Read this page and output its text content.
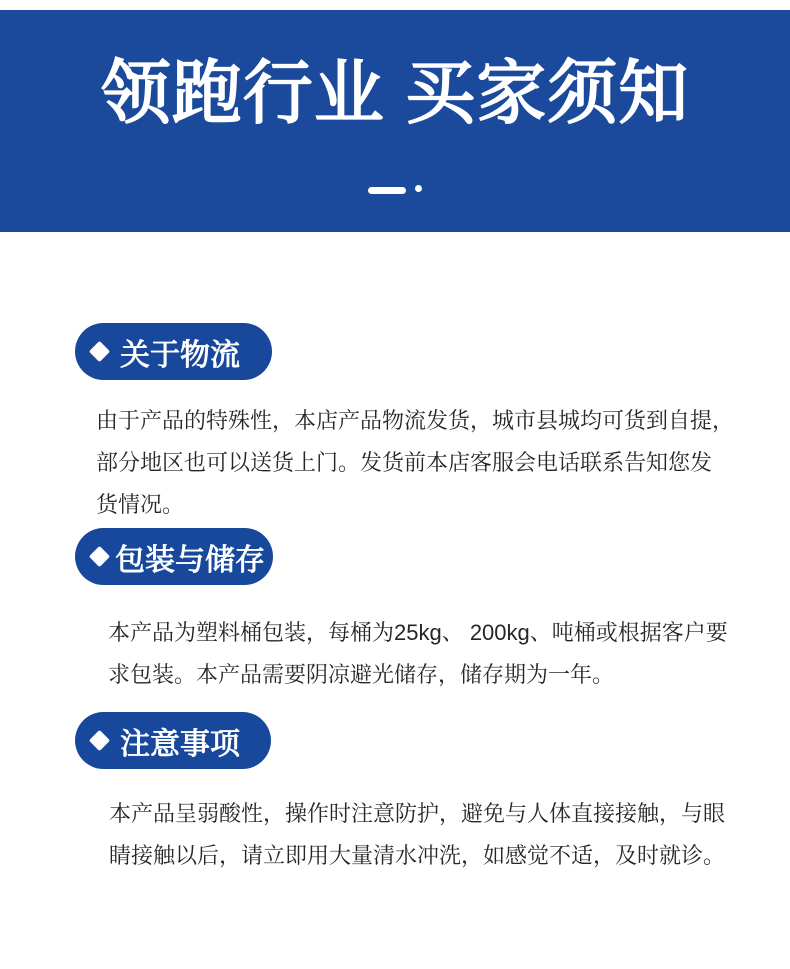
领跑行业 买家须知
关于物流
由于产品的特殊性，本店产品物流发货，城市县城均可货到自提，
部分地区也可以送货上门。发货前本店客服会电话联系告知您发
货情况。
包装与储存
本产品为塑料桶包装，每桶为25kg、 200kg、吨桶或根据客户要
求包装。本产品需要阴凉避光储存，储存期为一年。
注意事项
本产品呈弱酸性，操作时注意防护，避免与人体直接接触，与眼
睛接触以后，请立即用大量清水冲洗，如感觉不适，及时就诊。
